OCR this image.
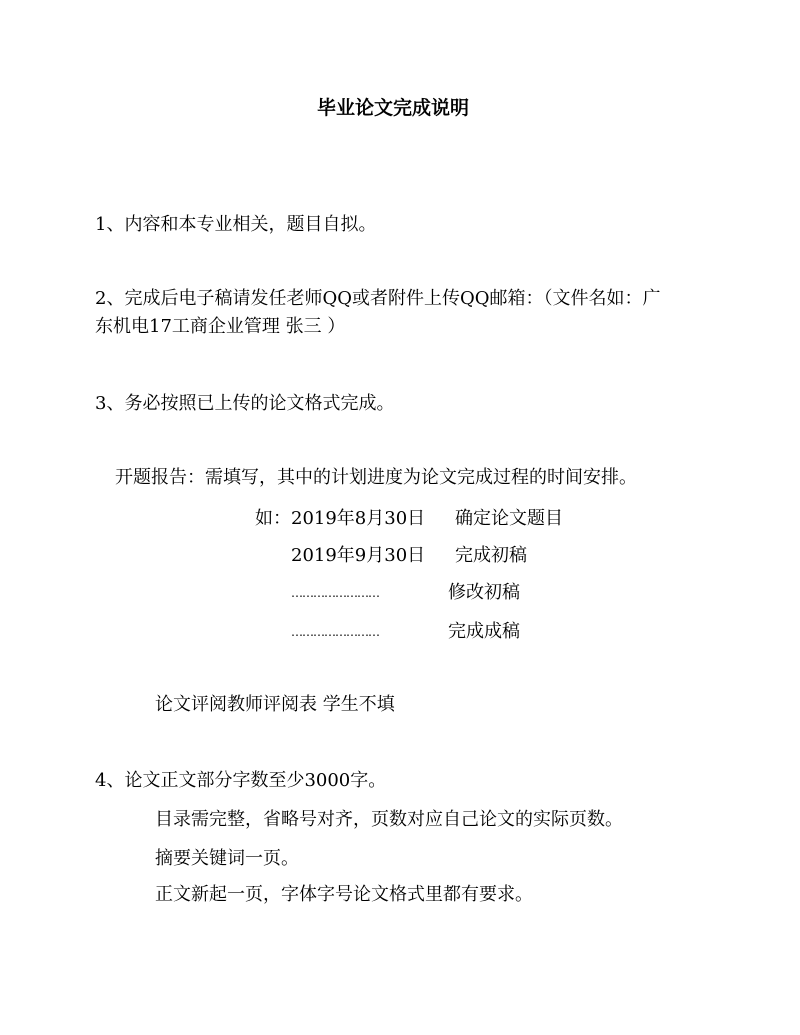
毕业论文完成说明
1、内容和本专业相关，题目自拟。
2、完成后电子稿请发任老师QQ或者附件上传QQ邮箱：（文件名如：广
东机电17工商企业管理 张三 ）
3、务必按照已上传的论文格式完成。
开题报告：需填写，其中的计划进度为论文完成过程的时间安排。
如：2019年8月30日 确定论文题目
2019年9月30日 完成初稿
……………………	修改初稿
……………………	完成成稿
论文评阅教师评阅表 学生不填
4、论文正文部分字数至少3000字。
目录需完整，省略号对齐，页数对应自己论文的实际页数。
摘要关键词一页。
正文新起一页，字体字号论文格式里都有要求。
